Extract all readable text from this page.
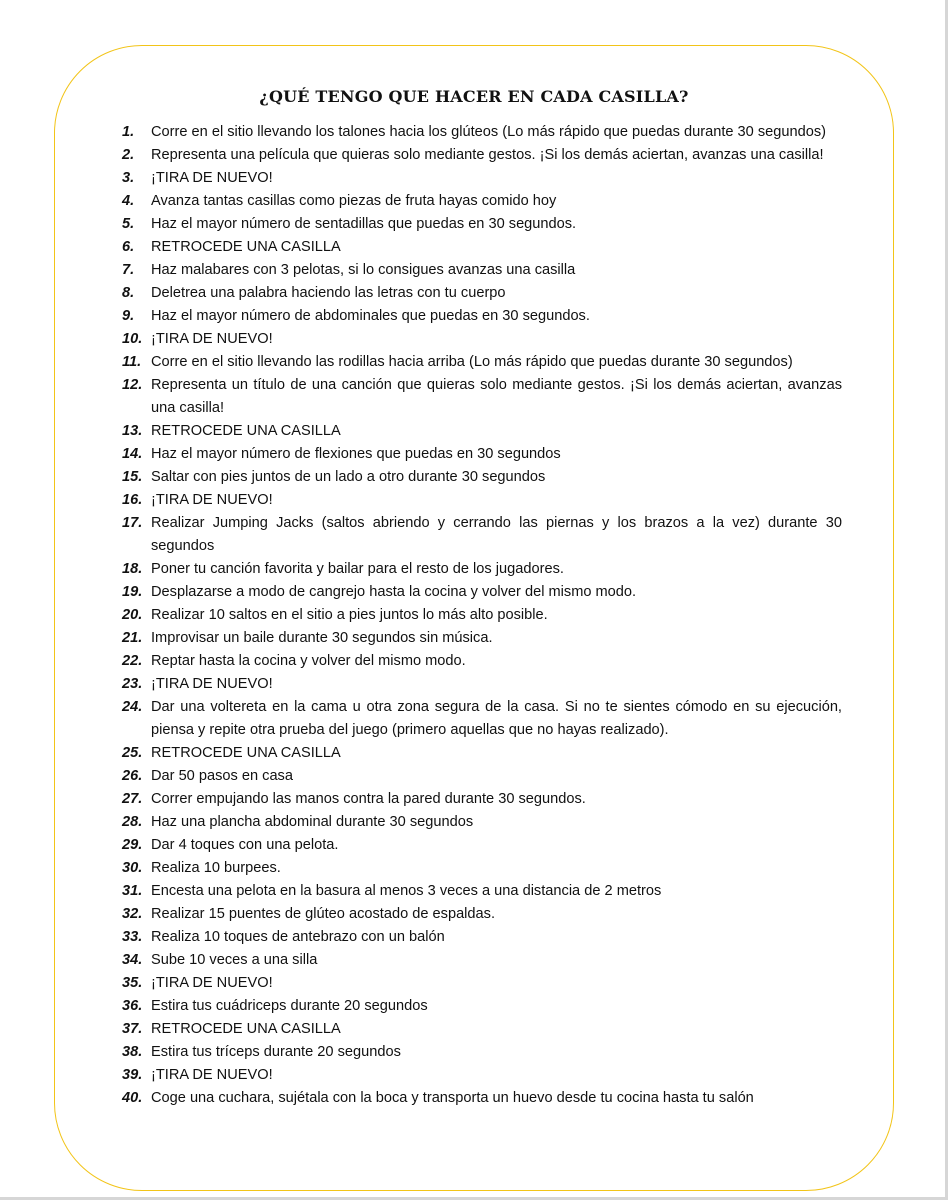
¿QUÉ TENGO QUE HACER EN CADA CASILLA?
1.	Corre en el sitio llevando los talones hacia los glúteos (Lo más rápido que puedas durante 30 segundos)
2.	Representa una película que quieras solo mediante gestos. ¡Si los demás aciertan, avanzas una casilla!
3.	¡TIRA DE NUEVO!
4.	Avanza tantas casillas como piezas de fruta hayas comido hoy
5.	Haz el mayor número de sentadillas que puedas en 30 segundos.
6.	RETROCEDE UNA CASILLA
7.	Haz malabares con 3 pelotas, si lo consigues avanzas una casilla
8.	Deletrea una palabra haciendo las letras con tu cuerpo
9.	Haz el mayor número de abdominales que puedas en 30 segundos.
10. ¡TIRA DE NUEVO!
11. Corre en el sitio llevando las rodillas hacia arriba (Lo más rápido que puedas durante 30 segundos)
12. Representa un título de una canción que quieras solo mediante gestos. ¡Si los demás aciertan, avanzas una casilla!
13. RETROCEDE UNA CASILLA
14. Haz el mayor número de flexiones que puedas en 30 segundos
15. Saltar con pies juntos de un lado a otro durante 30 segundos
16. ¡TIRA DE NUEVO!
17. Realizar Jumping Jacks (saltos abriendo y cerrando las piernas y los brazos a la vez) durante 30 segundos
18. Poner tu canción favorita y bailar para el resto de los jugadores.
19. Desplazarse a modo de cangrejo hasta la cocina y volver del mismo modo.
20. Realizar 10 saltos en el sitio a pies juntos lo más alto posible.
21. Improvisar un baile durante 30 segundos sin música.
22. Reptar hasta la cocina y volver del mismo modo.
23. ¡TIRA DE NUEVO!
24. Dar una voltereta en la cama u otra zona segura de la casa. Si no te sientes cómodo en su ejecución, piensa y repite otra prueba del juego (primero aquellas que no hayas realizado).
25. RETROCEDE UNA CASILLA
26. Dar 50 pasos en casa
27. Correr empujando las manos contra la pared durante 30 segundos.
28. Haz una plancha abdominal durante 30 segundos
29. Dar 4 toques con una pelota.
30. Realiza 10 burpees.
31. Encesta una pelota en la basura al menos 3 veces a una distancia de 2 metros
32. Realizar 15 puentes de glúteo acostado de espaldas.
33. Realiza 10 toques de antebrazo con un balón
34. Sube 10 veces a una silla
35. ¡TIRA DE NUEVO!
36. Estira tus cuádriceps durante 20 segundos
37. RETROCEDE UNA CASILLA
38. Estira tus tríceps durante 20 segundos
39. ¡TIRA DE NUEVO!
40. Coge una cuchara, sujétala con la boca y transporta un huevo desde tu cocina hasta tu salón
